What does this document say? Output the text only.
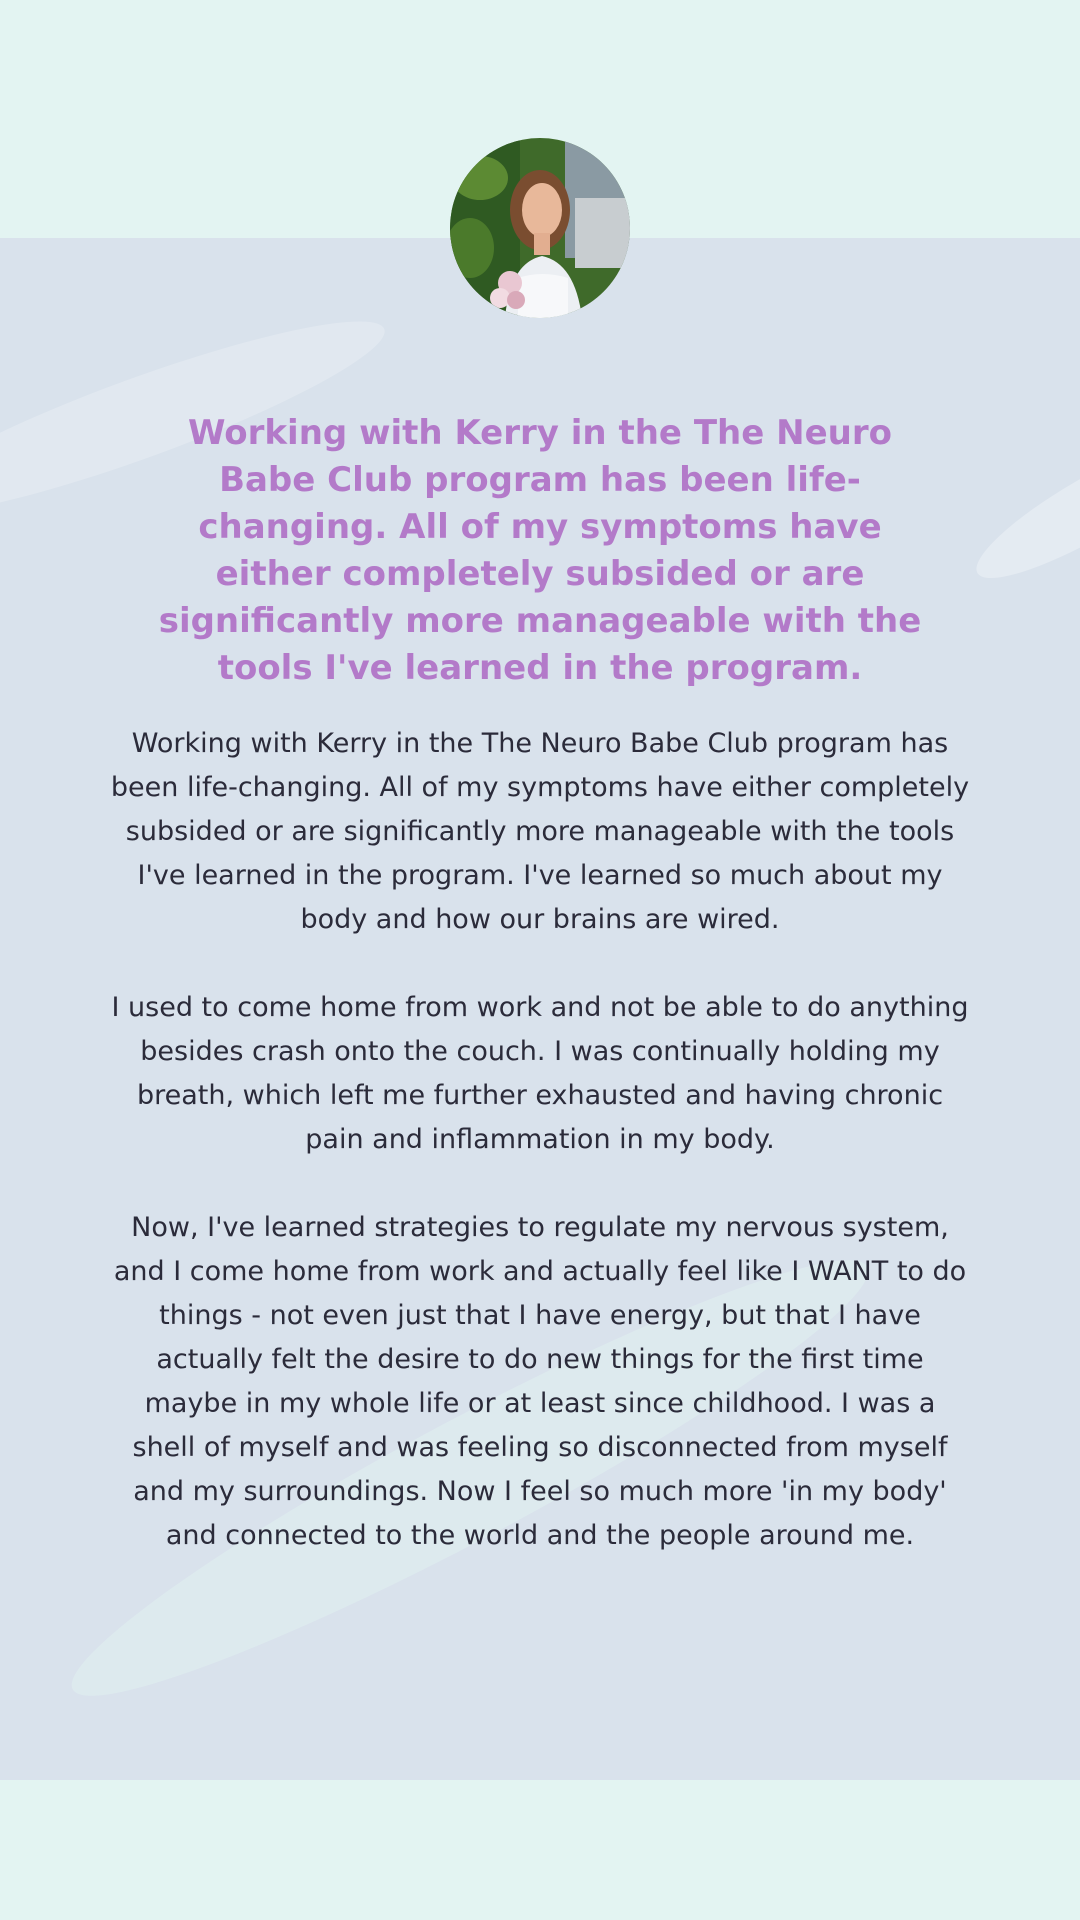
Working with Kerry in the The Neuro Babe Club program has been life-changing. All of my symptoms have either completely subsided or are significantly more manageable with the tools I've learned in the program.

Working with Kerry in the The Neuro Babe Club program has been life-changing. All of my symptoms have either completely subsided or are significantly more manageable with the tools I've learned in the program. I've learned so much about my body and how our brains are wired.

I used to come home from work and not be able to do anything besides crash onto the couch. I was continually holding my breath, which left me further exhausted and having chronic pain and inflammation in my body.

Now, I've learned strategies to regulate my nervous system, and I come home from work and actually feel like I WANT to do things - not even just that I have energy, but that I have actually felt the desire to do new things for the first time maybe in my whole life or at least since childhood. I was a shell of myself and was feeling so disconnected from myself and my surroundings. Now I feel so much more 'in my body' and connected to the world and the people around me.
